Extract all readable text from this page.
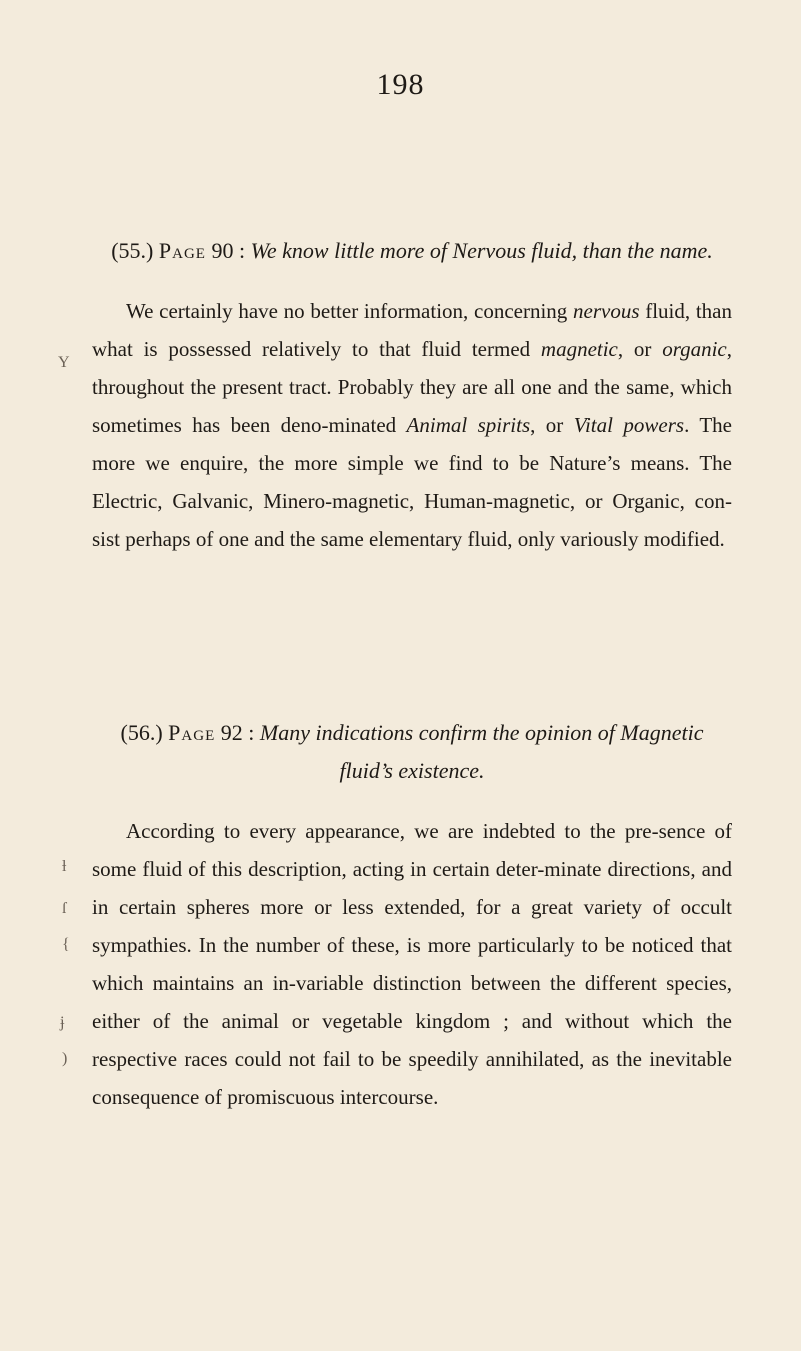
198
(55.) Page 90 : We know little more of Nervous fluid, than the name.
We certainly have no better information, concerning nervous fluid, than what is possessed relatively to that fluid termed magnetic, or organic, throughout the present tract. Probably they are all one and the same, which sometimes has been deno-minated Animal spirits, or Vital powers. The more we enquire, the more simple we find to be Nature’s means. The Electric, Galvanic, Minero-magnetic, Human-magnetic, or Organic, con-sist perhaps of one and the same elementary fluid, only variously modified.
(56.) Page 92 : Many indications confirm the opinion of Magnetic fluid’s existence.
According to every appearance, we are indebted to the pre-sence of some fluid of this description, acting in certain deter-minate directions, and in certain spheres more or less extended, for a great variety of occult sympathies. In the number of these, is more particularly to be noticed that which maintains an in-variable distinction between the different species, either of the animal or vegetable kingdom ; and without which the respective races could not fail to be speedily annihilated, as the inevitable consequence of promiscuous intercourse.
Y
ƚ
ſ
{
ɉ
)
